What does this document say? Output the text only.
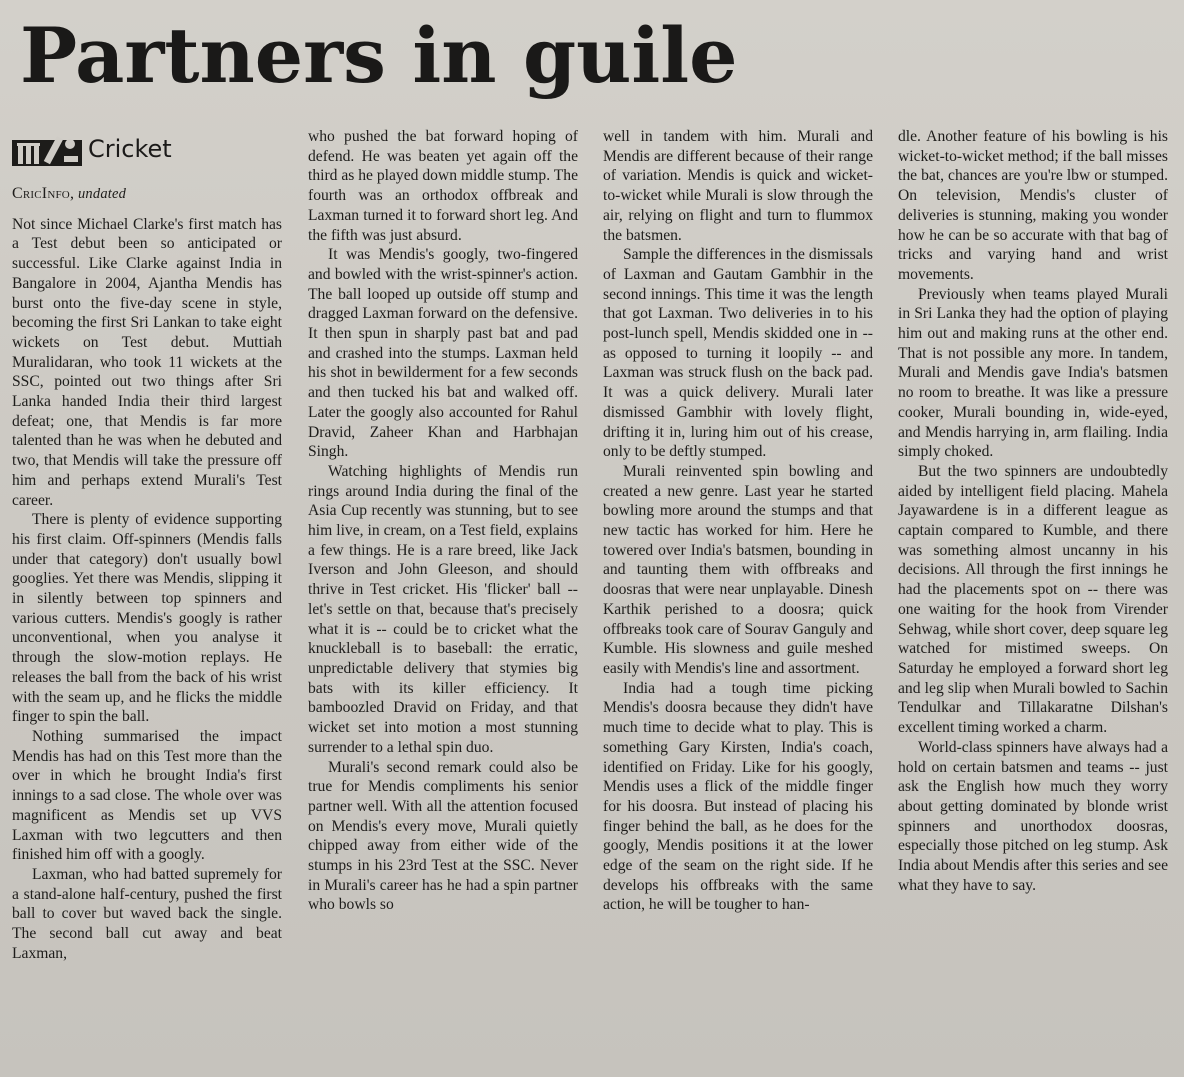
Partners in guile
Cricket
CricInfo, undated

Not since Michael Clarke's first match has a Test debut been so anticipated or successful. Like Clarke against India in Bangalore in 2004, Ajantha Mendis has burst onto the five-day scene in style, becoming the first Sri Lankan to take eight wickets on Test debut. Muttiah Muralidaran, who took 11 wickets at the SSC, pointed out two things after Sri Lanka handed India their third largest defeat; one, that Mendis is far more talented than he was when he debuted and two, that Mendis will take the pressure off him and perhaps extend Murali's Test career.

There is plenty of evidence supporting his first claim. Off-spinners (Mendis falls under that category) don't usually bowl googlies. Yet there was Mendis, slipping it in silently between top spinners and various cutters. Mendis's googly is rather unconventional, when you analyse it through the slow-motion replays. He releases the ball from the back of his wrist with the seam up, and he flicks the middle finger to spin the ball.

Nothing summarised the impact Mendis has had on this Test more than the over in which he brought India's first innings to a sad close. The whole over was magnificent as Mendis set up VVS Laxman with two legcutters and then finished him off with a googly.

Laxman, who had batted supremely for a stand-alone half-century, pushed the first ball to cover but waved back the single. The second ball cut away and beat Laxman,

who pushed the bat forward hoping of defend. He was beaten yet again off the third as he played down middle stump. The fourth was an orthodox offbreak and Laxman turned it to forward short leg. And the fifth was just absurd.

It was Mendis's googly, two-fingered and bowled with the wrist-spinner's action. The ball looped up outside off stump and dragged Laxman forward on the defensive. It then spun in sharply past bat and pad and crashed into the stumps. Laxman held his shot in bewilderment for a few seconds and then tucked his bat and walked off. Later the googly also accounted for Rahul Dravid, Zaheer Khan and Harbhajan Singh.

Watching highlights of Mendis run rings around India during the final of the Asia Cup recently was stunning, but to see him live, in cream, on a Test field, explains a few things. He is a rare breed, like Jack Iverson and John Gleeson, and should thrive in Test cricket. His 'flicker' ball -- let's settle on that, because that's precisely what it is -- could be to cricket what the knuckleball is to baseball: the erratic, unpredictable delivery that stymies big bats with its killer efficiency. It bamboozled Dravid on Friday, and that wicket set into motion a most stunning surrender to a lethal spin duo.

Murali's second remark could also be true for Mendis compliments his senior partner well. With all the attention focused on Mendis's every move, Murali quietly chipped away from either wide of the stumps in his 23rd Test at the SSC. Never in Murali's career has he had a spin partner who bowls so

well in tandem with him. Murali and Mendis are different because of their range of variation. Mendis is quick and wicket-to-wicket while Murali is slow through the air, relying on flight and turn to flummox the batsmen.

Sample the differences in the dismissals of Laxman and Gautam Gambhir in the second innings. This time it was the length that got Laxman. Two deliveries in to his post-lunch spell, Mendis skidded one in -- as opposed to turning it loopily -- and Laxman was struck flush on the back pad. It was a quick delivery. Murali later dismissed Gambhir with lovely flight, drifting it in, luring him out of his crease, only to be deftly stumped.

Murali reinvented spin bowling and created a new genre. Last year he started bowling more around the stumps and that new tactic has worked for him. Here he towered over India's batsmen, bounding in and taunting them with offbreaks and doosras that were near unplayable. Dinesh Karthik perished to a doosra; quick offbreaks took care of Sourav Ganguly and Kumble. His slowness and guile meshed easily with Mendis's line and assortment.

India had a tough time picking Mendis's doosra because they didn't have much time to decide what to play. This is something Gary Kirsten, India's coach, identified on Friday. Like for his googly, Mendis uses a flick of the middle finger for his doosra. But instead of placing his finger behind the ball, as he does for the googly, Mendis positions it at the lower edge of the seam on the right side. If he develops his offbreaks with the same action, he will be tougher to han-

dle. Another feature of his bowling is his wicket-to-wicket method; if the ball misses the bat, chances are you're lbw or stumped. On television, Mendis's cluster of deliveries is stunning, making you wonder how he can be so accurate with that bag of tricks and varying hand and wrist movements.

Previously when teams played Murali in Sri Lanka they had the option of playing him out and making runs at the other end. That is not possible any more. In tandem, Murali and Mendis gave India's batsmen no room to breathe. It was like a pressure cooker, Murali bounding in, wide-eyed, and Mendis harrying in, arm flailing. India simply choked.

But the two spinners are undoubtedly aided by intelligent field placing. Mahela Jayawardene is in a different league as captain compared to Kumble, and there was something almost uncanny in his decisions. All through the first innings he had the placements spot on -- there was one waiting for the hook from Virender Sehwag, while short cover, deep square leg watched for mistimed sweeps. On Saturday he employed a forward short leg and leg slip when Murali bowled to Sachin Tendulkar and Tillakaratne Dilshan's excellent timing worked a charm.

World-class spinners have always had a hold on certain batsmen and teams -- just ask the English how much they worry about getting dominated by blonde wrist spinners and unorthodox doosras, especially those pitched on leg stump. Ask India about Mendis after this series and see what they have to say.
